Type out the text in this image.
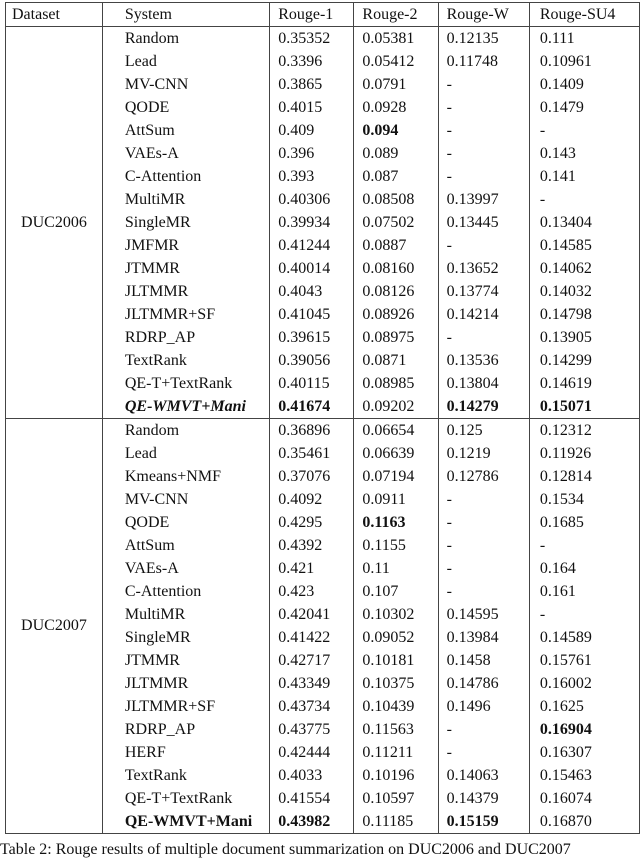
Dataset	System	Rouge-1	Rouge-2	Rouge-W	Rouge-SU4
DUC2006	Random	0.35352	0.05381	0.12135	0.111
	Lead	0.3396	0.05412	0.11748	0.10961
	MV-CNN	0.3865	0.0791	-	0.1409
	QODE	0.4015	0.0928	-	0.1479
	AttSum	0.409	0.094	-	-
	VAEs-A	0.396	0.089	-	0.143
	C-Attention	0.393	0.087	-	0.141
	MultiMR	0.40306	0.08508	0.13997	-
	SingleMR	0.39934	0.07502	0.13445	0.13404
	JMFMR	0.41244	0.0887	-	0.14585
	JTMMR	0.40014	0.08160	0.13652	0.14062
	JLTMMR	0.4043	0.08126	0.13774	0.14032
	JLTMMR+SF	0.41045	0.08926	0.14214	0.14798
	RDRP_AP	0.39615	0.08975	-	0.13905
	TextRank	0.39056	0.0871	0.13536	0.14299
	QE-T+TextRank	0.40115	0.08985	0.13804	0.14619
	QE-WMVT+Mani	0.41674	0.09202	0.14279	0.15071
DUC2007	Random	0.36896	0.06654	0.125	0.12312
	Lead	0.35461	0.06639	0.1219	0.11926
	Kmeans+NMF	0.37076	0.07194	0.12786	0.12814
	MV-CNN	0.4092	0.0911	-	0.1534
	QODE	0.4295	0.1163	-	0.1685
	AttSum	0.4392	0.1155	-	-
	VAEs-A	0.421	0.11	-	0.164
	C-Attention	0.423	0.107	-	0.161
	MultiMR	0.42041	0.10302	0.14595	-
	SingleMR	0.41422	0.09052	0.13984	0.14589
	JTMMR	0.42717	0.10181	0.1458	0.15761
	JLTMMR	0.43349	0.10375	0.14786	0.16002
	JLTMMR+SF	0.43734	0.10439	0.1496	0.1625
	RDRP_AP	0.43775	0.11563	-	0.16904
	HERF	0.42444	0.11211	-	0.16307
	TextRank	0.4033	0.10196	0.14063	0.15463
	QE-T+TextRank	0.41554	0.10597	0.14379	0.16074
	QE-WMVT+Mani	0.43982	0.11185	0.15159	0.16870
Table 2: Rouge results of multiple document summarization on DUC2006 and DUC2007
